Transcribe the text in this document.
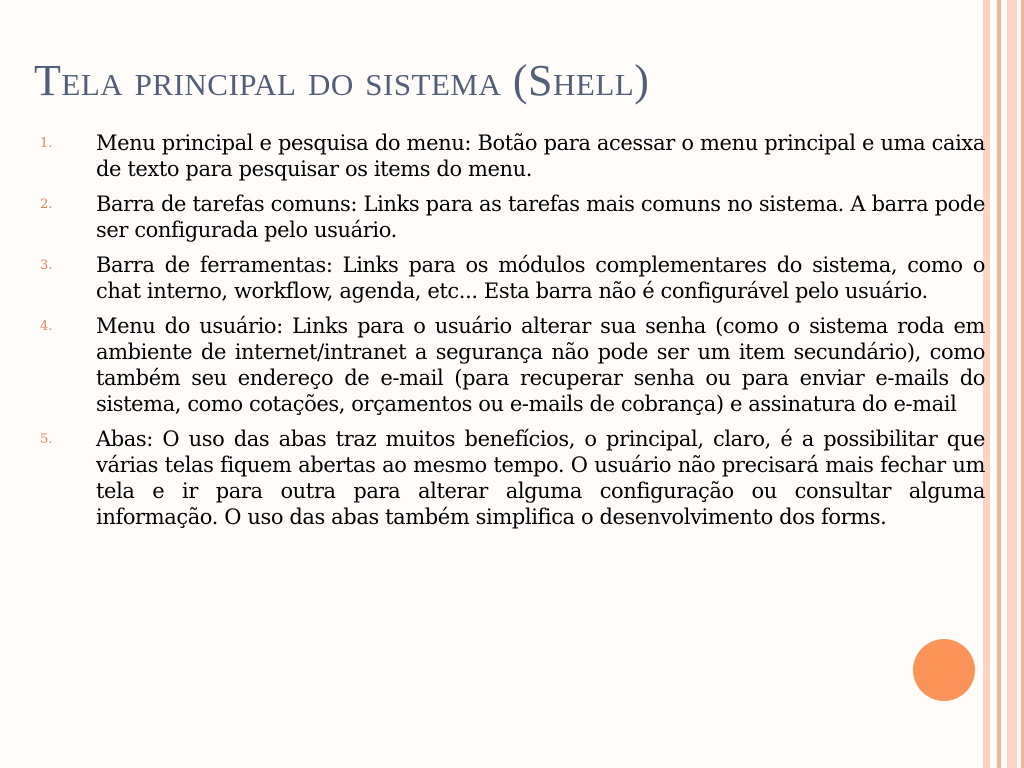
Tela principal do sistema (Shell)
1. Menu principal e pesquisa do menu: Botão para acessar o menu principal e uma caixa de texto para pesquisar os items do menu.
2. Barra de tarefas comuns: Links para as tarefas mais comuns no sistema. A barra pode ser configurada pelo usuário.
3. Barra de ferramentas: Links para os módulos complementares do sistema, como o chat interno, workflow, agenda, etc... Esta barra não é configurável pelo usuário.
4. Menu do usuário: Links para o usuário alterar sua senha (como o sistema roda em ambiente de internet/intranet a segurança não pode ser um item secundário), como também seu endereço de e-mail (para recuperar senha ou para enviar e-mails do sistema, como cotações, orçamentos ou e-mails de cobrança) e assinatura do e-mail
5. Abas: O uso das abas traz muitos benefícios, o principal, claro, é a possibilitar que várias telas fiquem abertas ao mesmo tempo. O usuário não precisará mais fechar um tela e ir para outra para alterar alguma configuração ou consultar alguma informação. O uso das abas também simplifica o desenvolvimento dos forms.
